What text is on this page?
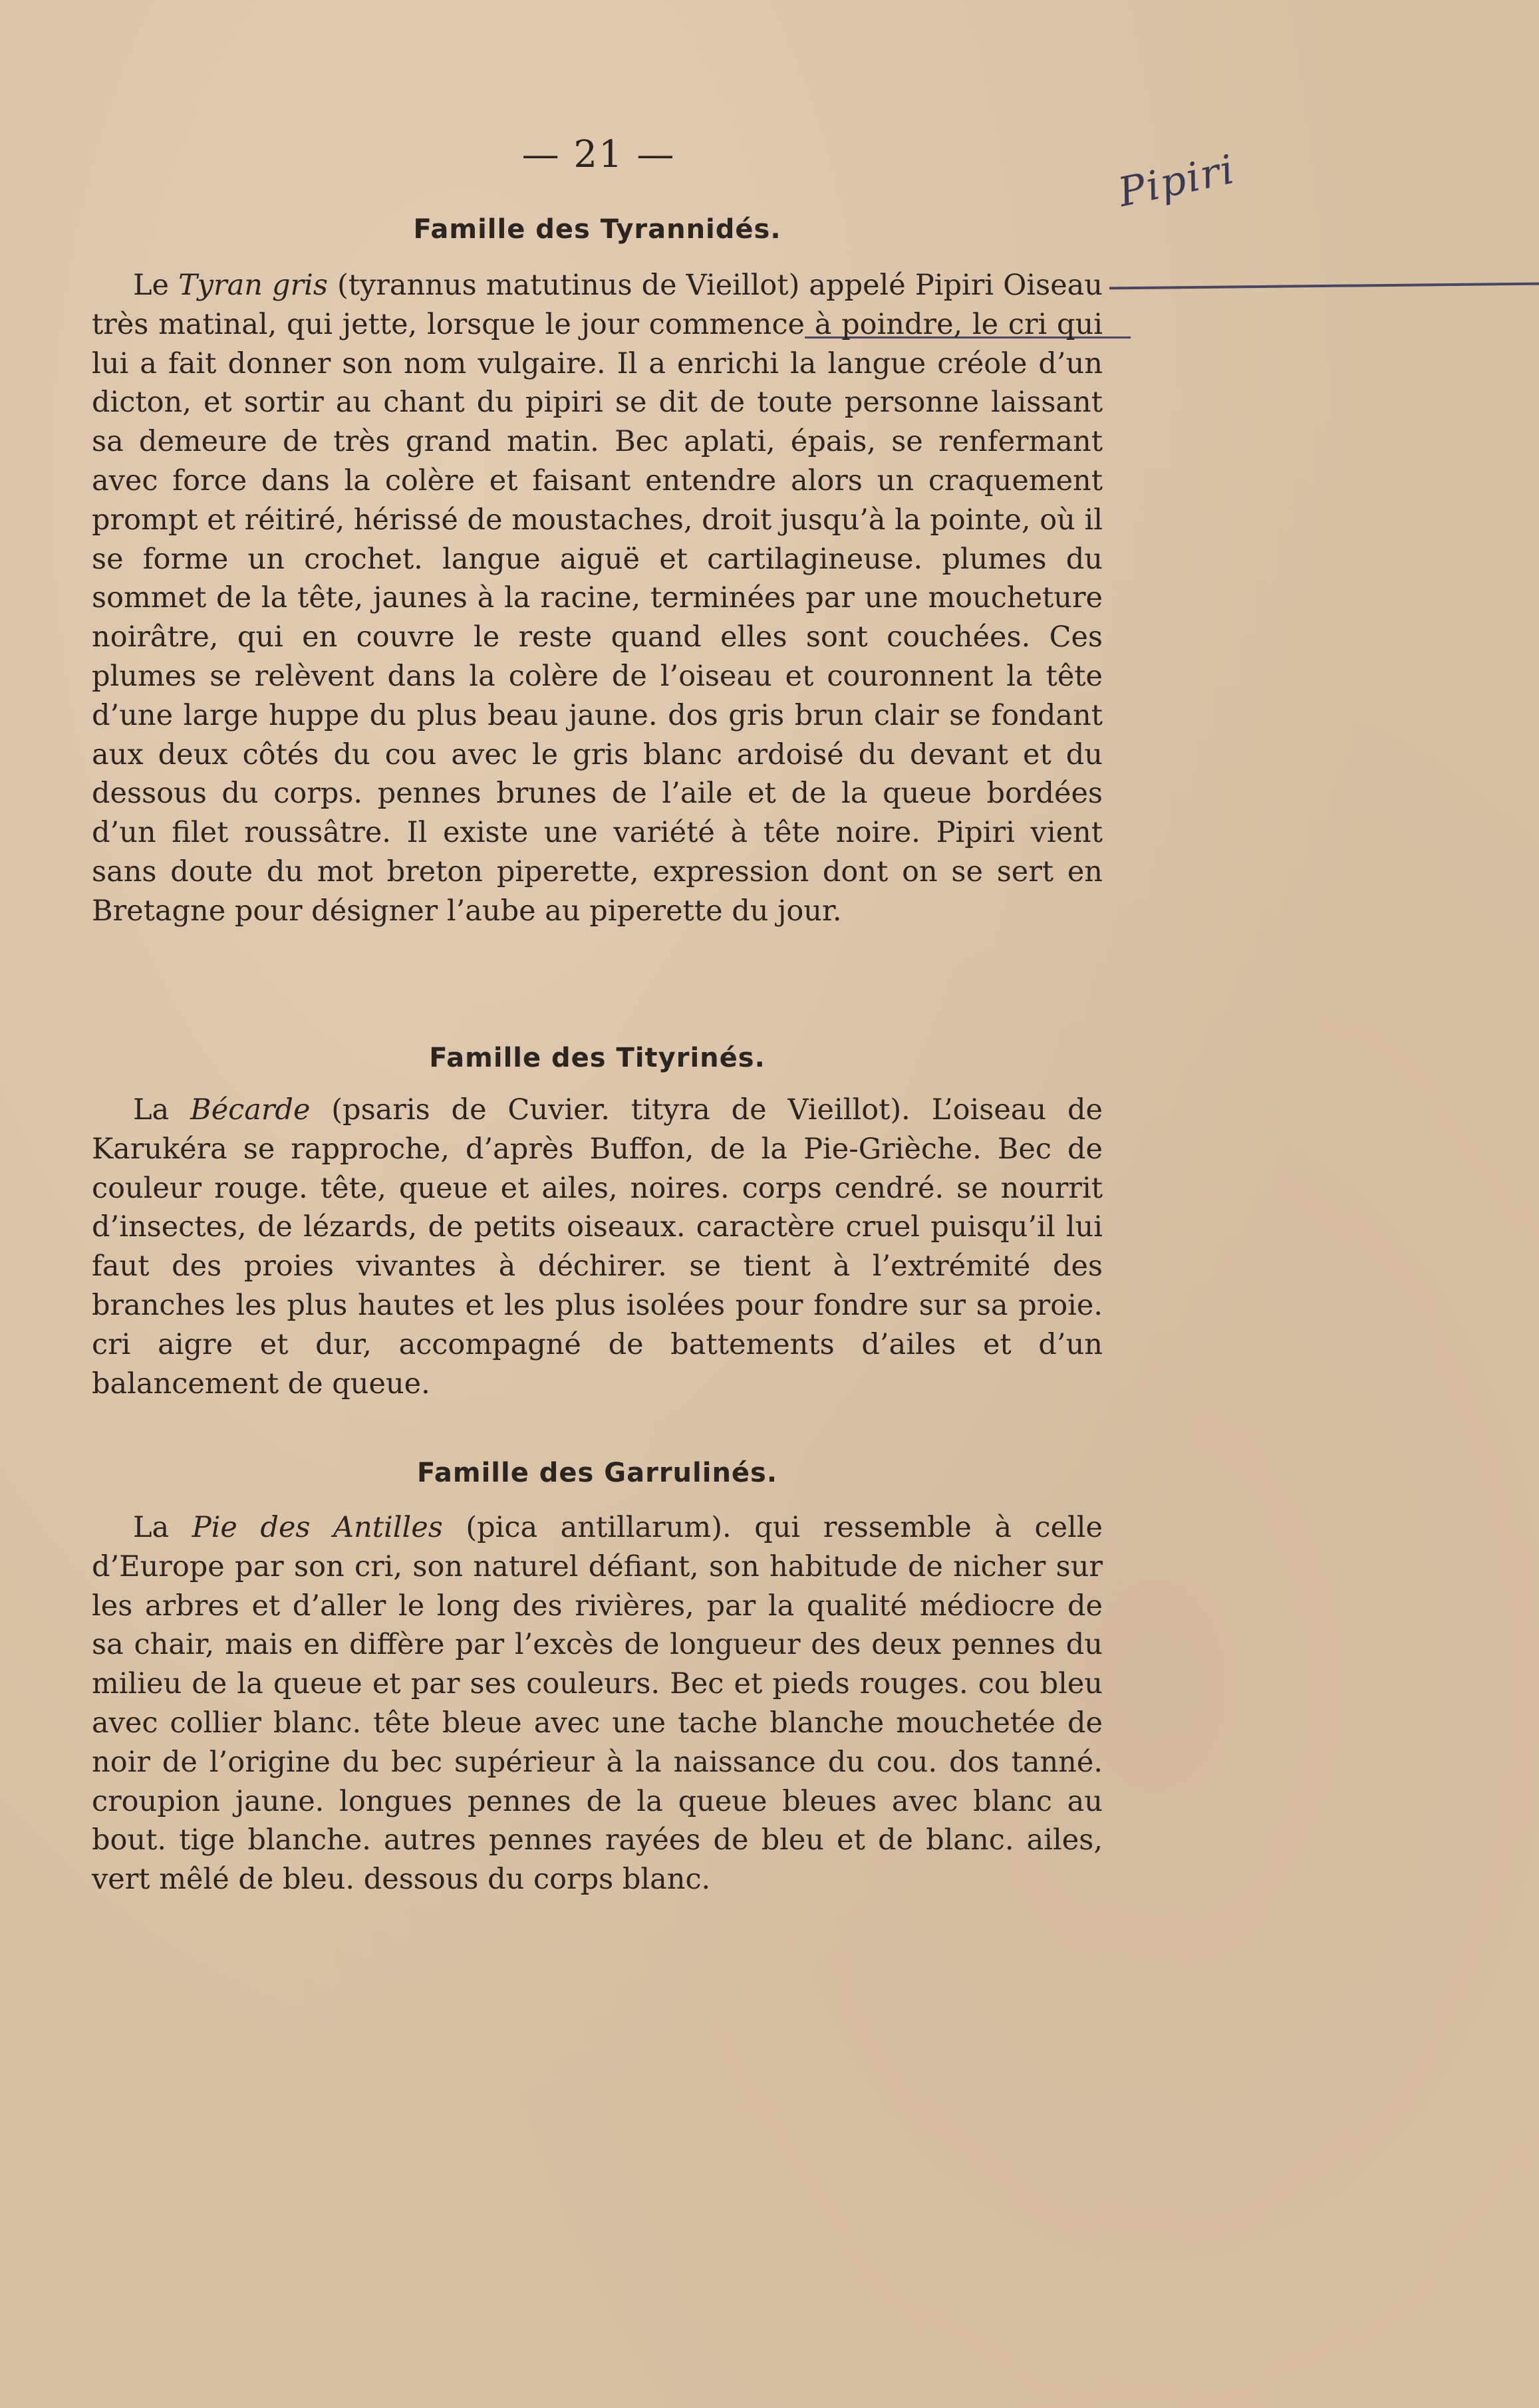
— 21 —	Pipiri
Famille des Tyrannidés.

Le Tyran gris (tyrannus matutinus de Vieillot) appelé Pipiri Oiseau très matinal, qui jette, lorsque le jour commence à poindre, le cri qui lui a fait donner son nom vulgaire. Il a enrichi la langue créole d’un dicton, et sortir au chant du pipiri se dit de toute personne laissant sa demeure de très grand matin. Bec aplati, épais, se renfermant avec force dans la colère et faisant entendre alors un craquement prompt et réitiré, hérissé de moustaches, droit jusqu’à la pointe, où il se forme un crochet. langue aiguë et cartilagineuse. plumes du sommet de la tête, jaunes à la racine, terminées par une moucheture noirâtre, qui en couvre le reste quand elles sont couchées. Ces plumes se relèvent dans la colère de l’oiseau et couronnent la tête d’une large huppe du plus beau jaune. dos gris brun clair se fondant aux deux côtés du cou avec le gris blanc ardoisé du devant et du dessous du corps. pennes brunes de l’aile et de la queue bordées d’un filet roussâtre. Il existe une variété à tête noire. Pipiri vient sans doute du mot breton piperette, expression dont on se sert en Bretagne pour désigner l’aube au piperette du jour.

Famille des Tityrinés.

La Bécarde (psaris de Cuvier. tityra de Vieillot). L’oiseau de Karukéra se rapproche, d’après Buffon, de la Pie-Grièche. Bec de couleur rouge. tête, queue et ailes, noires. corps cendré. se nourrit d’insectes, de lézards, de petits oiseaux. caractère cruel puisqu’il lui faut des proies vivantes à déchirer. se tient à l’extrémité des branches les plus hautes et les plus isolées pour fondre sur sa proie. cri aigre et dur, accompagné de battements d’ailes et d’un balancement de queue.

Famille des Garrulinés.

La Pie des Antilles (pica antillarum). qui ressemble à celle d’Europe par son cri, son naturel défiant, son habitude de nicher sur les arbres et d’aller le long des rivières, par la qualité médiocre de sa chair, mais en diffère par l’excès de longueur des deux pennes du milieu de la queue et par ses couleurs. Bec et pieds rouges. cou bleu avec collier blanc. tête bleue avec une tache blanche mouchetée de noir de l’origine du bec supérieur à la naissance du cou. dos tanné. croupion jaune. longues pennes de la queue bleues avec blanc au bout. tige blanche. autres pennes rayées de bleu et de blanc. ailes, vert mêlé de bleu. dessous du corps blanc.
